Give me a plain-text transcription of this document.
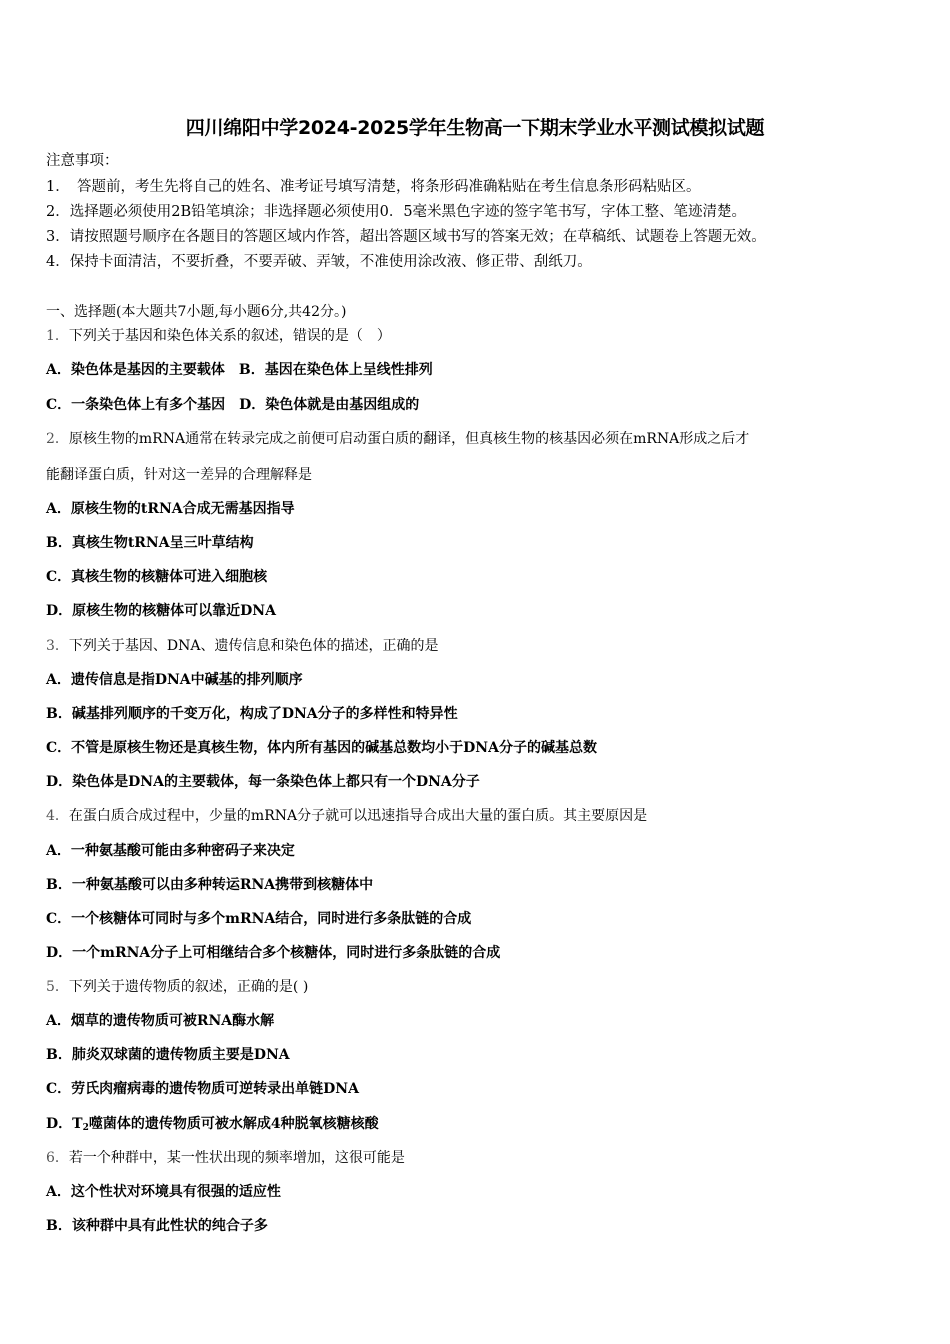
四川绵阳中学2024-2025学年生物高一下期末学业水平测试模拟试题
注意事项：
1．　答题前，考生先将自己的姓名、准考证号填写清楚，将条形码准确粘贴在考生信息条形码粘贴区。
2．选择题必须使用2B铅笔填涂；非选择题必须使用0．5毫米黑色字迹的签字笔书写，字体工整、笔迹清楚。
3．请按照题号顺序在各题目的答题区域内作答，超出答题区域书写的答案无效；在草稿纸、试题卷上答题无效。
4．保持卡面清洁，不要折叠，不要弄破、弄皱，不准使用涂改液、修正带、刮纸刀。
一、选择题(本大题共7小题,每小题6分,共42分。)
1．下列关于基因和染色体关系的叙述，错误的是（　）
A．染色体是基因的主要载体　B．基因在染色体上呈线性排列
C．一条染色体上有多个基因　D．染色体就是由基因组成的
2．原核生物的mRNA通常在转录完成之前便可启动蛋白质的翻译，但真核生物的核基因必须在mRNA形成之后才
能翻译蛋白质，针对这一差异的合理解释是
A．原核生物的tRNA合成无需基因指导
B．真核生物tRNA呈三叶草结构
C．真核生物的核糖体可进入细胞核
D．原核生物的核糖体可以靠近DNA
3．下列关于基因、DNA、遗传信息和染色体的描述，正确的是
A．遗传信息是指DNA中碱基的排列顺序
B．碱基排列顺序的千变万化，构成了DNA分子的多样性和特异性
C．不管是原核生物还是真核生物，体内所有基因的碱基总数均小于DNA分子的碱基总数
D．染色体是DNA的主要载体，每一条染色体上都只有一个DNA分子
4．在蛋白质合成过程中，少量的mRNA分子就可以迅速指导合成出大量的蛋白质。其主要原因是
A．一种氨基酸可能由多种密码子来决定
B．一种氨基酸可以由多种转运RNA携带到核糖体中
C．一个核糖体可同时与多个mRNA结合，同时进行多条肽链的合成
D．一个mRNA分子上可相继结合多个核糖体，同时进行多条肽链的合成
5．下列关于遗传物质的叙述，正确的是( )
A．烟草的遗传物质可被RNA酶水解
B．肺炎双球菌的遗传物质主要是DNA
C．劳氏肉瘤病毒的遗传物质可逆转录出单链DNA
D．$T_2$噬菌体的遗传物质可被水解成4种脱氧核糖核酸
6．若一个种群中，某一性状出现的频率增加，这很可能是
A．这个性状对环境具有很强的适应性
B．该种群中具有此性状的纯合子多
